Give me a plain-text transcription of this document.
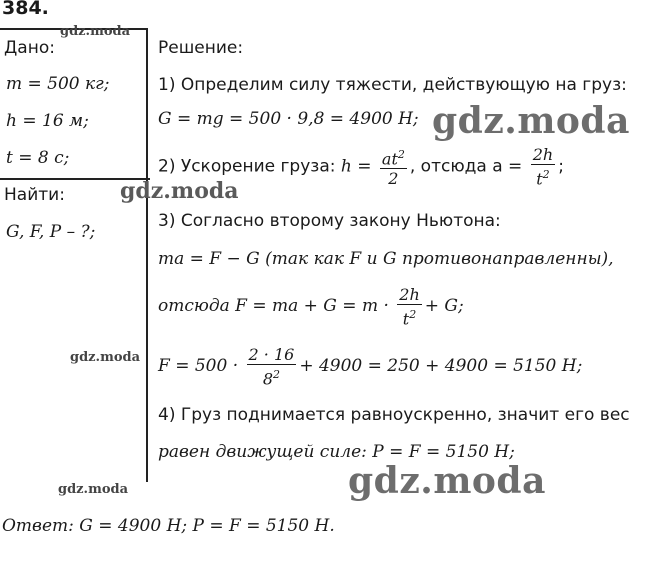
384.
Дано:
m = 500 кг;
h = 16 м;
t = 8 с;
Найти:
G, F, P – ?;
Решение:
1) Определим силу тяжести, действующую на груз:
G = mg = 500 · 9,8 = 4900 Н;
2) Ускорение груза: $h = \frac{at^2}{2}$ , отсюда $a = \frac{2h}{t^2}$ ;
3) Согласно второму закону Ньютона:
ma = F − G (так как F и G противонаправленны),
отсюда F = ma + $G = m \cdot \frac{2h}{t^2} + G$;
$F = 500 \cdot \frac{2 \cdot 16}{8^2} + 4900 = 250 + 4900 = 5150$ Н;
4) Груз поднимается равноускренно, значит его вес
равен движущей силе: P = F = 5150 Н;
Ответ: G = 4900 Н; P = F = 5150 Н.
gdz.moda
gdz.moda
gdz.moda
gdz.moda
gdz.moda
gdz.moda
